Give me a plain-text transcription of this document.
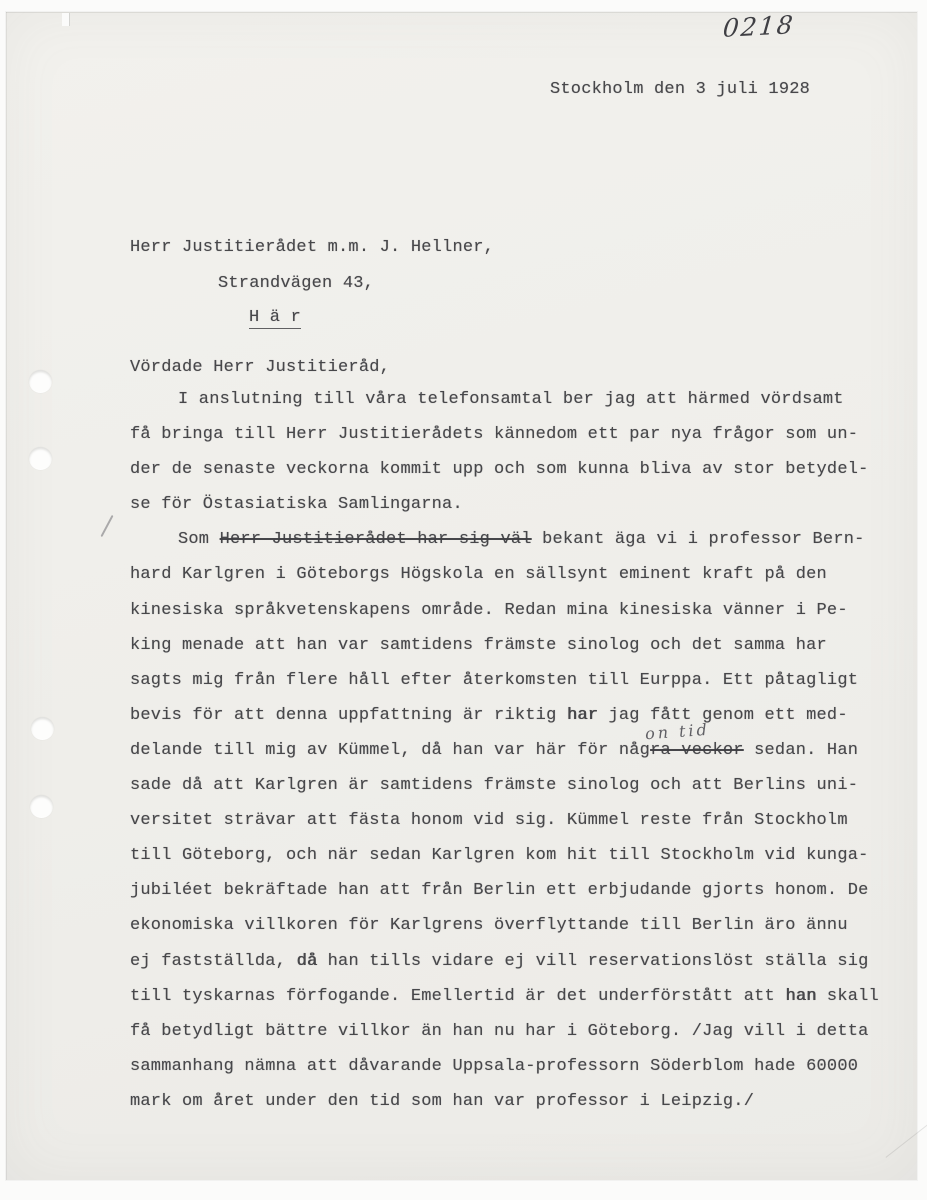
0218
Stockholm den 3 juli 1928
Herr Justitierådet m.m. J. Hellner,
Strandvägen 43,
H ä r
Vördade Herr Justitieråd,
I anslutning till våra telefonsamtal ber jag att härmed vördsamt
få bringa till Herr Justitierådets kännedom ett par nya frågor som un-
der de senaste veckorna kommit upp och som kunna bliva av stor betydel-
se för Östasiatiska Samlingarna.
Som Herr Justitierådet har sig väl bekant äga vi i professor Bern-
hard Karlgren i Göteborgs Högskola en sällsynt eminent kraft på den
kinesiska språkvetenskapens område. Redan mina kinesiska vänner i Pe-
king menade att han var samtidens främste sinolog och det samma har
sagts mig från flere håll efter återkomsten till Eurppa. Ett påtagligt
bevis för att denna uppfattning är riktig har jag fått genom ett med-
delande till mig av Kümmel, då han var här för några veckor sedan. Han
sade då att Karlgren är samtidens främste sinolog och att Berlins uni-
versitet strävar att fästa honom vid sig. Kümmel reste från Stockholm
till Göteborg, och när sedan Karlgren kom hit till Stockholm vid kunga-
jubiléet bekräftade han att från Berlin ett erbjudande gjorts honom. De
ekonomiska villkoren för Karlgrens överflyttande till Berlin äro ännu
ej fastställda, då han tills vidare ej vill reservationslöst ställa sig
till tyskarnas förfogande. Emellertid är det underförstått att han skall
få betydligt bättre villkor än han nu har i Göteborg. /Jag vill i detta
sammanhang nämna att dåvarande Uppsala-professorn Söderblom hade 60000
mark om året under den tid som han var professor i Leipzig./
on tid
